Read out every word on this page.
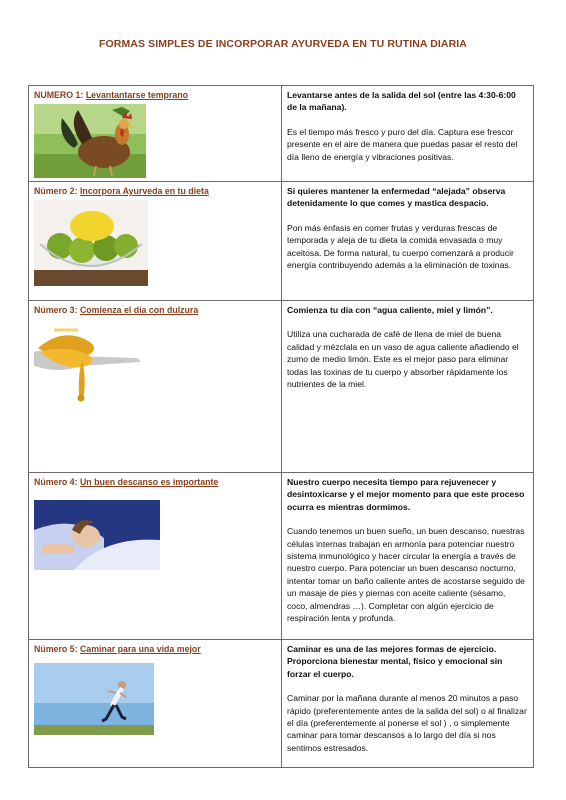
FORMAS SIMPLES DE INCORPORAR AYURVEDA EN TU RUTINA DIARIA
NUMERO 1: Levantantarse temprano	Levantarse antes de la salida del sol (entre las 4:30-6:00 de la mañana).
Es el tiempo más fresco y puro del día. Captura ese frescor presente en el aire de manera que puedas pasar el resto del día lleno de energía y vibraciones positivas.

Número 2: Incorpora Ayurveda en tu dieta	Si quieres mantener la enfermedad “alejada” observa detenidamente lo que comes y mastica despacio.
Pon más énfasis en comer frutas y verduras frescas de temporada y aleja de tu dieta la comida envasada o muy aceitosa. De forma natural, tu cuerpo comenzará a producir energía contribuyendo además a la eliminación de toxinas.

Número 3: Comienza el día con dulzura	Comienza tu día con “agua caliente, miel y limón”.
Utiliza una cucharada de café de llena de miel de buena calidad y mézclala en un vaso de agua caliente añadiendo el zumo de medio limón. Este es el mejor paso para eliminar todas las toxinas de tu cuerpo y absorber rápidamente los nutrientes de la miel.

Número 4: Un buen descanso es importante	Nuestro cuerpo necesita tiempo para rejuvenecer y desintoxicarse y el mejor momento para que este proceso ocurra es mientras dormimos.
Cuando tenemos un buen sueño, un buen descanso, nuestras células internas trabajan en armonía para potenciar nuestro sistema inmunológico y hacer circular la energía a través de nuestro cuerpo. Para potenciar un buen descanso nocturno, intentar tomar un baño caliente antes de acostarse seguido de un masaje de pies y piernas con aceite caliente (sésamo, coco, almendras …). Completar con algún ejercicio de respiración lenta y profunda.

Número 5: Caminar para una vida mejor	Caminar es una de las mejores formas de ejercicio. Proporciona bienestar mental, físico y emocional sin forzar el cuerpo.
Caminar por la mañana durante al menos 20 minutos a paso rápido (preferentemente antes de la salida del sol) o al finalizar el día (preferentemente al ponerse el sol ) , o simplemente caminar para tomar descansos a lo largo del día si nos sentimos estresados.
